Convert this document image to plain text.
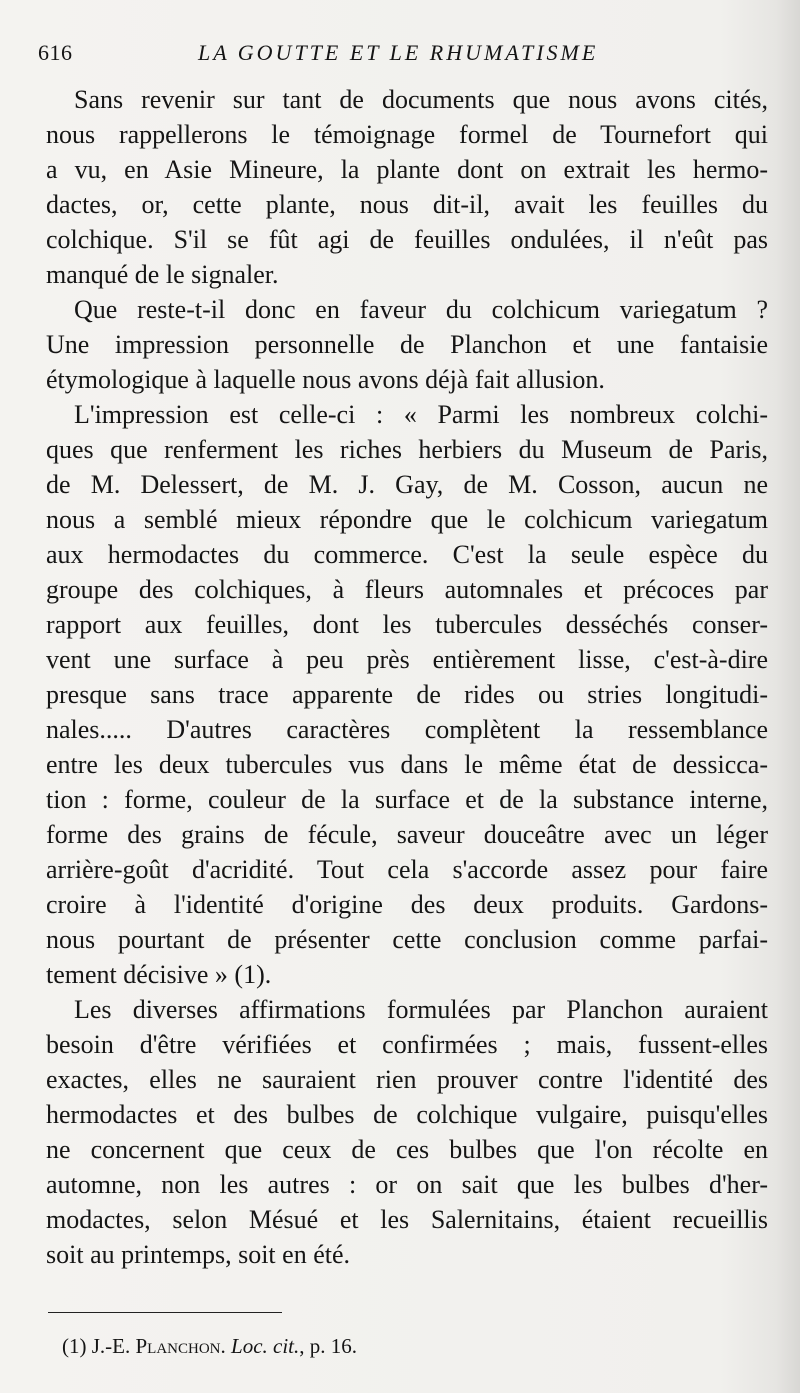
616	LA GOUTTE ET LE RHUMATISME
Sans revenir sur tant de documents que nous avons cités,
nous rappellerons le témoignage formel de Tournefort qui
a vu, en Asie Mineure, la plante dont on extrait les hermo-
dactes, or, cette plante, nous dit-il, avait les feuilles du
colchique. S'il se fût agi de feuilles ondulées, il n'eût pas
manqué de le signaler.
Que reste-t-il donc en faveur du colchicum variegatum ?
Une impression personnelle de Planchon et une fantaisie
étymologique à laquelle nous avons déjà fait allusion.
L'impression est celle-ci : « Parmi les nombreux colchi-
ques que renferment les riches herbiers du Museum de Paris,
de M. Delessert, de M. J. Gay, de M. Cosson, aucun ne
nous a semblé mieux répondre que le colchicum variegatum
aux hermodactes du commerce. C'est la seule espèce du
groupe des colchiques, à fleurs automnales et précoces par
rapport aux feuilles, dont les tubercules desséchés conser-
vent une surface à peu près entièrement lisse, c'est-à-dire
presque sans trace apparente de rides ou stries longitudi-
nales..... D'autres caractères complètent la ressemblance
entre les deux tubercules vus dans le même état de dessicca-
tion : forme, couleur de la surface et de la substance interne,
forme des grains de fécule, saveur douceâtre avec un léger
arrière-goût d'acridité. Tout cela s'accorde assez pour faire
croire à l'identité d'origine des deux produits. Gardons-
nous pourtant de présenter cette conclusion comme parfai-
tement décisive » (1).
Les diverses affirmations formulées par Planchon auraient
besoin d'être vérifiées et confirmées ; mais, fussent-elles
exactes, elles ne sauraient rien prouver contre l'identité des
hermodactes et des bulbes de colchique vulgaire, puisqu'elles
ne concernent que ceux de ces bulbes que l'on récolte en
automne, non les autres : or on sait que les bulbes d'her-
modactes, selon Mésué et les Salernitains, étaient recueillis
soit au printemps, soit en été.
(1) J.-E. Planchon. Loc. cit., p. 16.
